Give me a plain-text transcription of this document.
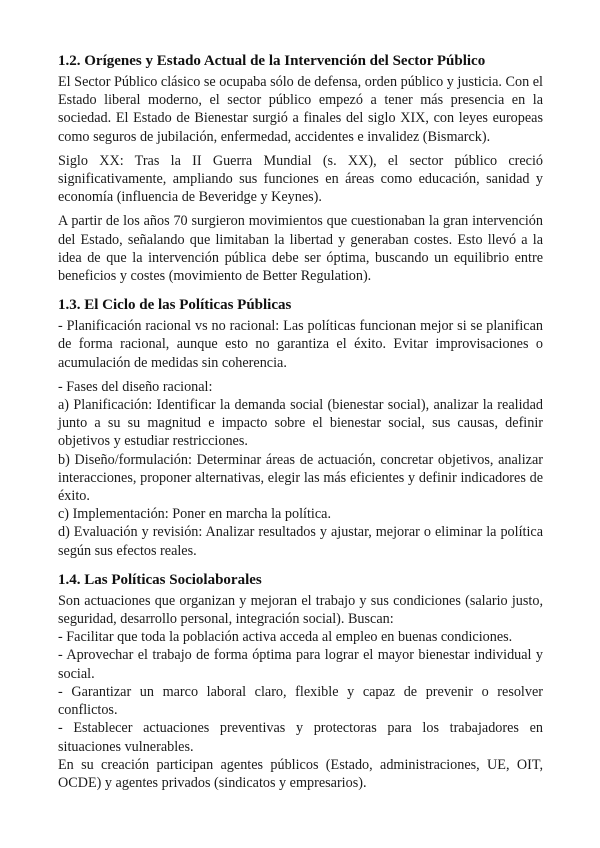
1.2. Orígenes y Estado Actual de la Intervención del Sector Público

El Sector Público clásico se ocupaba sólo de defensa, orden público y justicia. Con el Estado liberal moderno, el sector público empezó a tener más presencia en la sociedad. El Estado de Bienestar surgió a finales del siglo XIX, con leyes europeas como seguros de jubilación, enfermedad, accidentes e invalidez (Bismarck).

Siglo XX: Tras la II Guerra Mundial (s. XX), el sector público creció significativamente, ampliando sus funciones en áreas como educación, sanidad y economía (influencia de Beveridge y Keynes).

A partir de los años 70 surgieron movimientos que cuestionaban la gran intervención del Estado, señalando que limitaban la libertad y generaban costes. Esto llevó a la idea de que la intervención pública debe ser óptima, buscando un equilibrio entre beneficios y costes (movimiento de Better Regulation).

1.3. El Ciclo de las Políticas Públicas

- Planificación racional vs no racional: Las políticas funcionan mejor si se planifican de forma racional, aunque esto no garantiza el éxito. Evitar improvisaciones o acumulación de medidas sin coherencia.

- Fases del diseño racional:

a) Planificación: Identificar la demanda social (bienestar social), analizar la realidad junto a su su magnitud e impacto sobre el bienestar social, sus causas, definir objetivos y estudiar restricciones.

b) Diseño/formulación: Determinar áreas de actuación, concretar objetivos, analizar interacciones, proponer alternativas, elegir las más eficientes y definir indicadores de éxito.

c) Implementación: Poner en marcha la política.

d) Evaluación y revisión: Analizar resultados y ajustar, mejorar o eliminar la política según sus efectos reales.

1.4. Las Políticas Sociolaborales

Son actuaciones que organizan y mejoran el trabajo y sus condiciones (salario justo, seguridad, desarrollo personal, integración social). Buscan:

- Facilitar que toda la población activa acceda al empleo en buenas condiciones.

- Aprovechar el trabajo de forma óptima para lograr el mayor bienestar individual y social.

- Garantizar un marco laboral claro, flexible y capaz de prevenir o resolver conflictos.

- Establecer actuaciones preventivas y protectoras para los trabajadores en situaciones vulnerables.

En su creación participan agentes públicos (Estado, administraciones, UE, OIT, OCDE) y agentes privados (sindicatos y empresarios).
